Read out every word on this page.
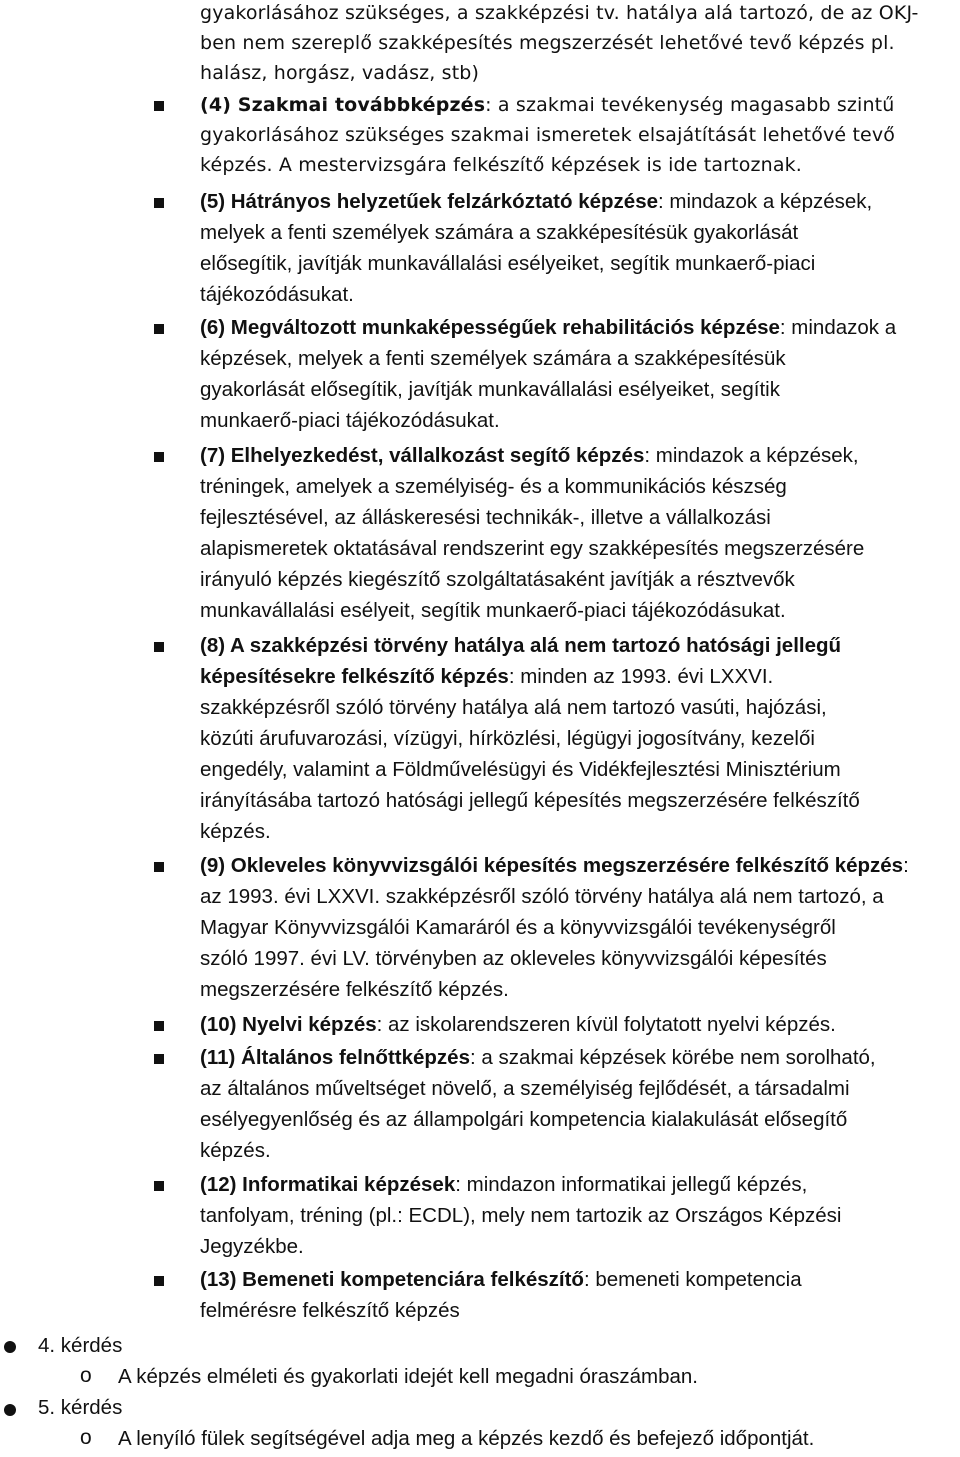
gyakorlásához szükséges, a szakképzési tv. hatálya alá tartozó, de az OKJ-
ben nem szereplő szakképesítés megszerzését lehetővé tevő képzés pl.
halász, horgász, vadász, stb)
(4) Szakmai továbbképzés: a szakmai tevékenység magasabb szintű
gyakorlásához szükséges szakmai ismeretek elsajátítását lehetővé tevő
képzés. A mestervizsgára felkészítő képzések is ide tartoznak.
(5) Hátrányos helyzetűek felzárkóztató képzése: mindazok a képzések,
melyek a fenti személyek számára a szakképesítésük gyakorlását
elősegítik, javítják munkavállalási esélyeiket, segítik munkaerő-piaci
tájékozódásukat.
(6) Megváltozott munkaképességűek rehabilitációs képzése: mindazok a
képzések, melyek a fenti személyek számára a szakképesítésük
gyakorlását elősegítik, javítják munkavállalási esélyeiket, segítik
munkaerő-piaci tájékozódásukat.
(7) Elhelyezkedést, vállalkozást segítő képzés: mindazok a képzések,
tréningek, amelyek a személyiség- és a kommunikációs készség
fejlesztésével, az álláskeresési technikák-, illetve a vállalkozási
alapismeretek oktatásával rendszerint egy szakképesítés megszerzésére
irányuló képzés kiegészítő szolgáltatásaként javítják a résztvevők
munkavállalási esélyeit, segítik munkaerő-piaci tájékozódásukat.
(8) A szakképzési törvény hatálya alá nem tartozó hatósági jellegű
képesítésekre felkészítő képzés: minden az 1993. évi LXXVI.
szakképzésről szóló törvény hatálya alá nem tartozó vasúti, hajózási,
közúti árufuvarozási, vízügyi, hírközlési, légügyi jogosítvány, kezelői
engedély, valamint a Földművelésügyi és Vidékfejlesztési Minisztérium
irányításába tartozó hatósági jellegű képesítés megszerzésére felkészítő
képzés.
(9) Okleveles könyvvizsgálói képesítés megszerzésére felkészítő képzés:
az 1993. évi LXXVI. szakképzésről szóló törvény hatálya alá nem tartozó, a
Magyar Könyvvizsgálói Kamaráról és a könyvvizsgálói tevékenységről
szóló 1997. évi LV. törvényben az okleveles könyvvizsgálói képesítés
megszerzésére felkészítő képzés.
(10) Nyelvi képzés: az iskolarendszeren kívül folytatott nyelvi képzés.
(11) Általános felnőttképzés: a szakmai képzések körébe nem sorolható,
az általános műveltséget növelő, a személyiség fejlődését, a társadalmi
esélyegyenlőség és az állampolgári kompetencia kialakulását elősegítő
képzés.
(12) Informatikai képzések: mindazon informatikai jellegű képzés,
tanfolyam, tréning (pl.: ECDL), mely nem tartozik az Országos Képzési
Jegyzékbe.
(13) Bemeneti kompetenciára felkészítő: bemeneti kompetencia
felmérésre felkészítő képzés
4. kérdés
o A képzés elméleti és gyakorlati idejét kell megadni óraszámban.
5. kérdés
o A lenyíló fülek segítségével adja meg a képzés kezdő és befejező időpontját.
